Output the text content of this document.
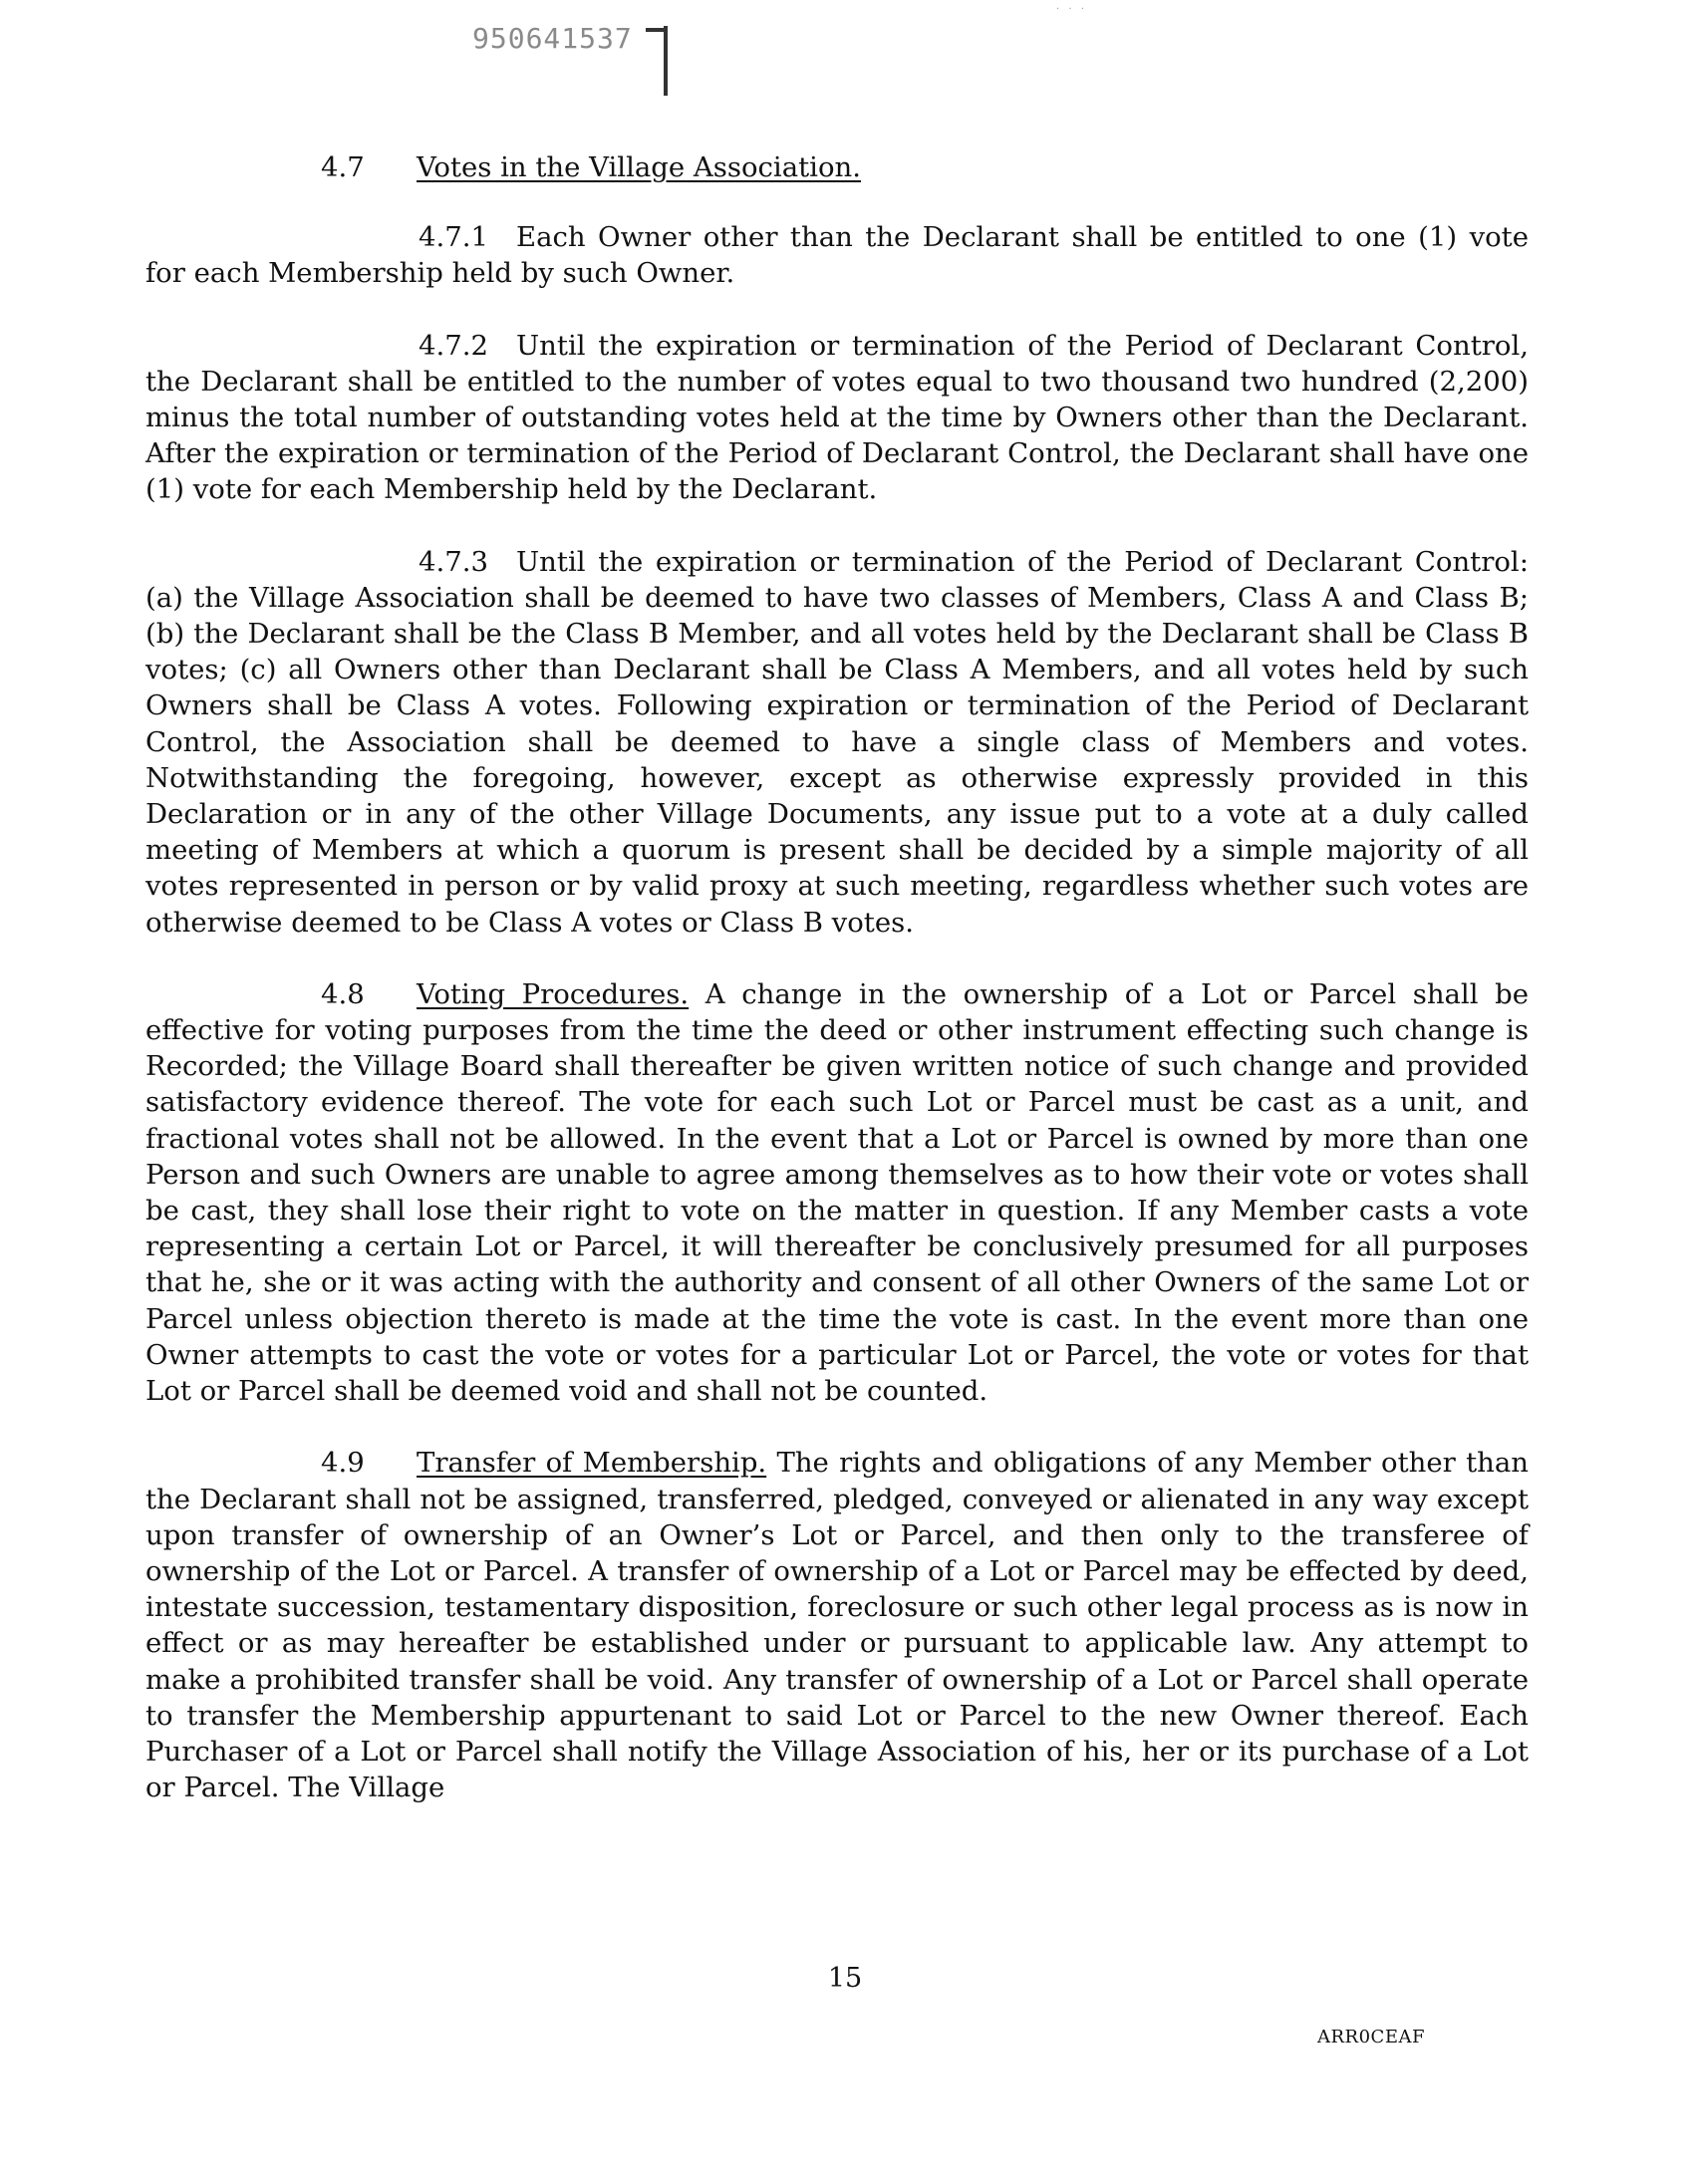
· · ·
950641537

4.7 Votes in the Village Association.

4.7.1 Each Owner other than the Declarant shall be entitled to one (1) vote for each Membership held by such Owner.

4.7.2 Until the expiration or termination of the Period of Declarant Control, the Declarant shall be entitled to the number of votes equal to two thousand two hundred (2,200) minus the total number of outstanding votes held at the time by Owners other than the Declarant. After the expiration or termination of the Period of Declarant Control, the Declarant shall have one (1) vote for each Membership held by the Declarant.

4.7.3 Until the expiration or termination of the Period of Declarant Control: (a) the Village Association shall be deemed to have two classes of Members, Class A and Class B; (b) the Declarant shall be the Class B Member, and all votes held by the Declarant shall be Class B votes; (c) all Owners other than Declarant shall be Class A Members, and all votes held by such Owners shall be Class A votes. Following expiration or termination of the Period of Declarant Control, the Association shall be deemed to have a single class of Members and votes. Notwithstanding the foregoing, however, except as otherwise expressly provided in this Declaration or in any of the other Village Documents, any issue put to a vote at a duly called meeting of Members at which a quorum is present shall be decided by a simple majority of all votes represented in person or by valid proxy at such meeting, regardless whether such votes are otherwise deemed to be Class A votes or Class B votes.

4.8 Voting Procedures. A change in the ownership of a Lot or Parcel shall be effective for voting purposes from the time the deed or other instrument effecting such change is Recorded; the Village Board shall thereafter be given written notice of such change and provided satisfactory evidence thereof. The vote for each such Lot or Parcel must be cast as a unit, and fractional votes shall not be allowed. In the event that a Lot or Parcel is owned by more than one Person and such Owners are unable to agree among themselves as to how their vote or votes shall be cast, they shall lose their right to vote on the matter in question. If any Member casts a vote representing a certain Lot or Parcel, it will thereafter be conclusively presumed for all purposes that he, she or it was acting with the authority and consent of all other Owners of the same Lot or Parcel unless objection thereto is made at the time the vote is cast. In the event more than one Owner attempts to cast the vote or votes for a particular Lot or Parcel, the vote or votes for that Lot or Parcel shall be deemed void and shall not be counted.

4.9 Transfer of Membership. The rights and obligations of any Member other than the Declarant shall not be assigned, transferred, pledged, conveyed or alienated in any way except upon transfer of ownership of an Owner’s Lot or Parcel, and then only to the transferee of ownership of the Lot or Parcel. A transfer of ownership of a Lot or Parcel may be effected by deed, intestate succession, testamentary disposition, foreclosure or such other legal process as is now in effect or as may hereafter be established under or pursuant to applicable law. Any attempt to make a prohibited transfer shall be void. Any transfer of ownership of a Lot or Parcel shall operate to transfer the Membership appurtenant to said Lot or Parcel to the new Owner thereof. Each Purchaser of a Lot or Parcel shall notify the Village Association of his, her or its purchase of a Lot or Parcel. The Village

15
ARR0CEAF
